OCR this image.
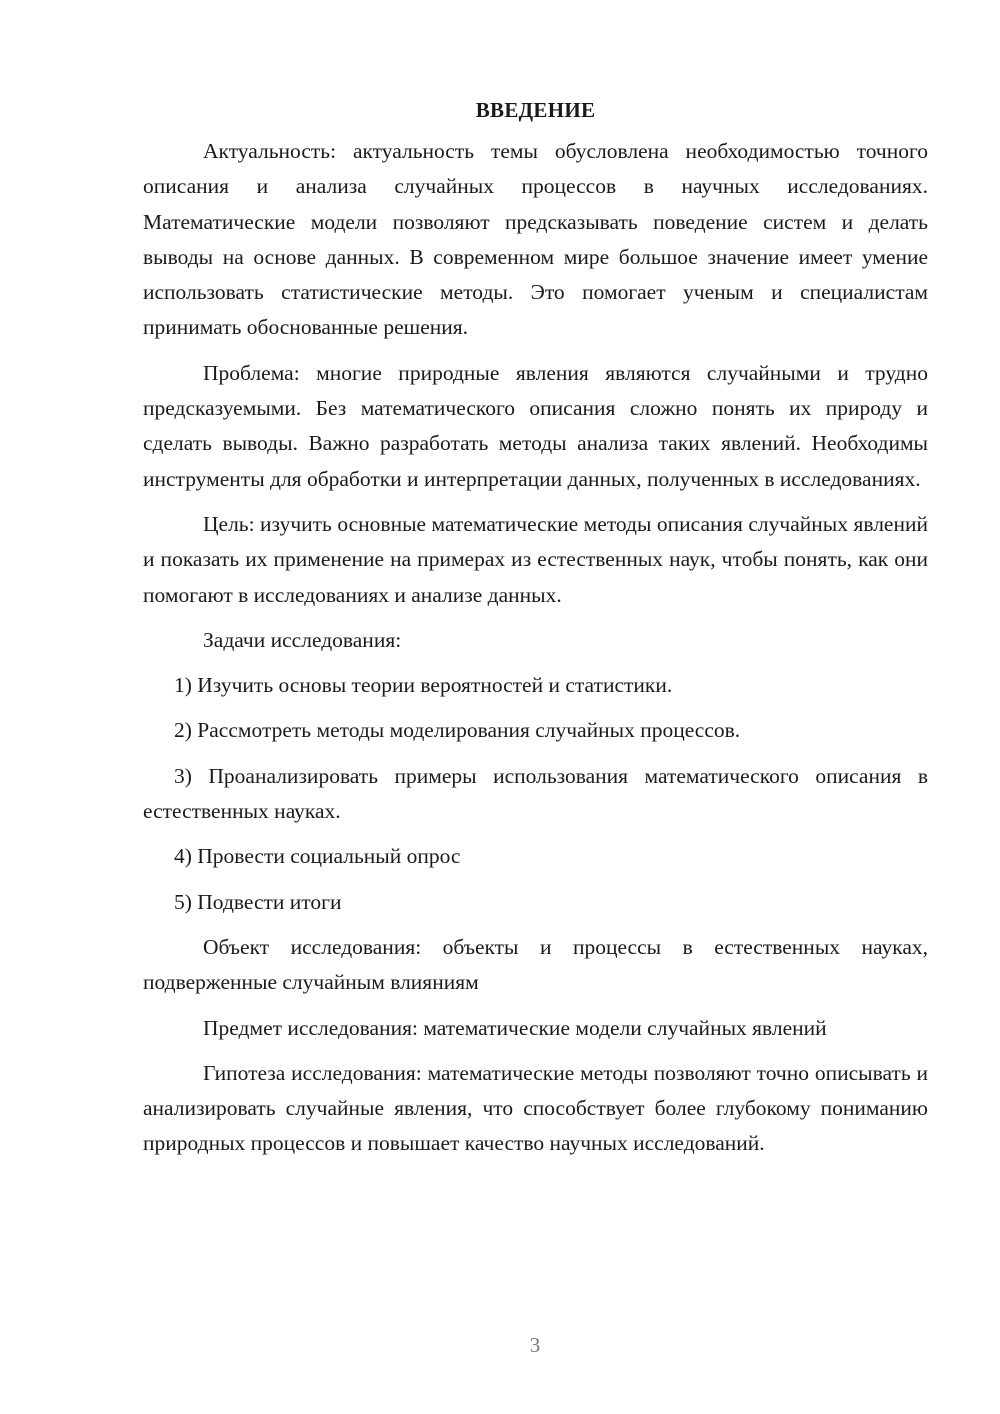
ВВЕДЕНИЕ

Актуальность: актуальность темы обусловлена необходимостью точного описания и анализа случайных процессов в научных исследованиях. Математические модели позволяют предсказывать поведение систем и делать выводы на основе данных. В современном мире большое значение имеет умение использовать статистические методы. Это помогает ученым и специалистам принимать обоснованные решения.

Проблема: многие природные явления являются случайными и трудно предсказуемыми. Без математического описания сложно понять их природу и сделать выводы. Важно разработать методы анализа таких явлений. Необходимы инструменты для обработки и интерпретации данных, полученных в исследованиях.

Цель: изучить основные математические методы описания случайных явлений и показать их применение на примерах из естественных наук, чтобы понять, как они помогают в исследованиях и анализе данных.

Задачи исследования:

1) Изучить основы теории вероятностей и статистики.

2) Рассмотреть методы моделирования случайных процессов.

3) Проанализировать примеры использования математического описания в естественных науках.

4) Провести социальный опрос

5) Подвести итоги

Объект исследования: объекты и процессы в естественных науках, подверженные случайным влияниям

Предмет исследования: математические модели случайных явлений

Гипотеза исследования: математические методы позволяют точно описывать и анализировать случайные явления, что способствует более глубокому пониманию природных процессов и повышает качество научных исследований.

3
